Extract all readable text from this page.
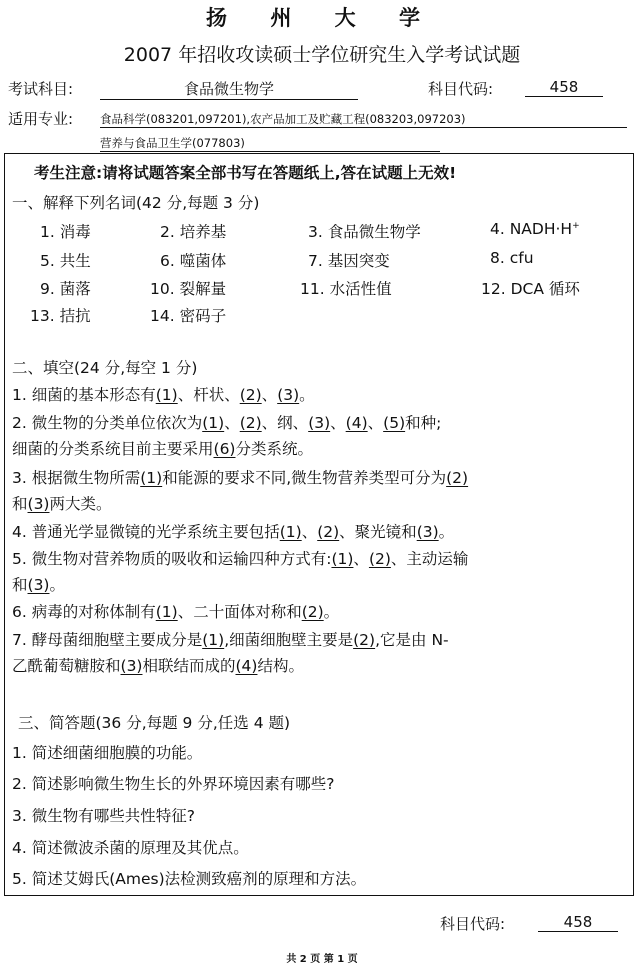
扬 州 大 学
2007 年招收攻读硕士学位研究生入学考试试题
考试科目:	食品微生物学	科目代码:	458
适用专业: 食品科学(083201,097201),农产品加工及贮藏工程(083203,097203)
营养与食品卫生学(077803)
考生注意:请将试题答案全部书写在答题纸上,答在试题上无效!
一、解释下列名词(42 分,每题 3 分)
1. 消毒	2. 培养基	3. 食品微生物学	4. NADH·H+
5. 共生	6. 噬菌体	7. 基因突变	8. cfu
9. 菌落	10. 裂解量	11. 水活性值	12. DCA 循环
13. 拮抗	14. 密码子
二、填空(24 分,每空 1 分)
1. 细菌的基本形态有(1)、杆状、(2)、(3)。
2. 微生物的分类单位依次为(1)、(2)、纲、(3)、(4)、(5)和种;
细菌的分类系统目前主要采用(6)分类系统。
3. 根据微生物所需(1)和能源的要求不同,微生物营养类型可分为(2)
和(3)两大类。
4. 普通光学显微镜的光学系统主要包括(1)、(2)、聚光镜和(3)。
5. 微生物对营养物质的吸收和运输四种方式有:(1)、(2)、主动运输
和(3)。
6. 病毒的对称体制有(1)、二十面体对称和(2)。
7. 酵母菌细胞壁主要成分是(1),细菌细胞壁主要是(2),它是由 N-
乙酰葡萄糖胺和(3)相联结而成的(4)结构。
三、简答题(36 分,每题 9 分,任选 4 题)
1. 简述细菌细胞膜的功能。
2. 简述影响微生物生长的外界环境因素有哪些?
3. 微生物有哪些共性特征?
4. 简述微波杀菌的原理及其优点。
5. 简述艾姆氏(Ames)法检测致癌剂的原理和方法。
科目代码:	458
共 2 页 第 1 页
